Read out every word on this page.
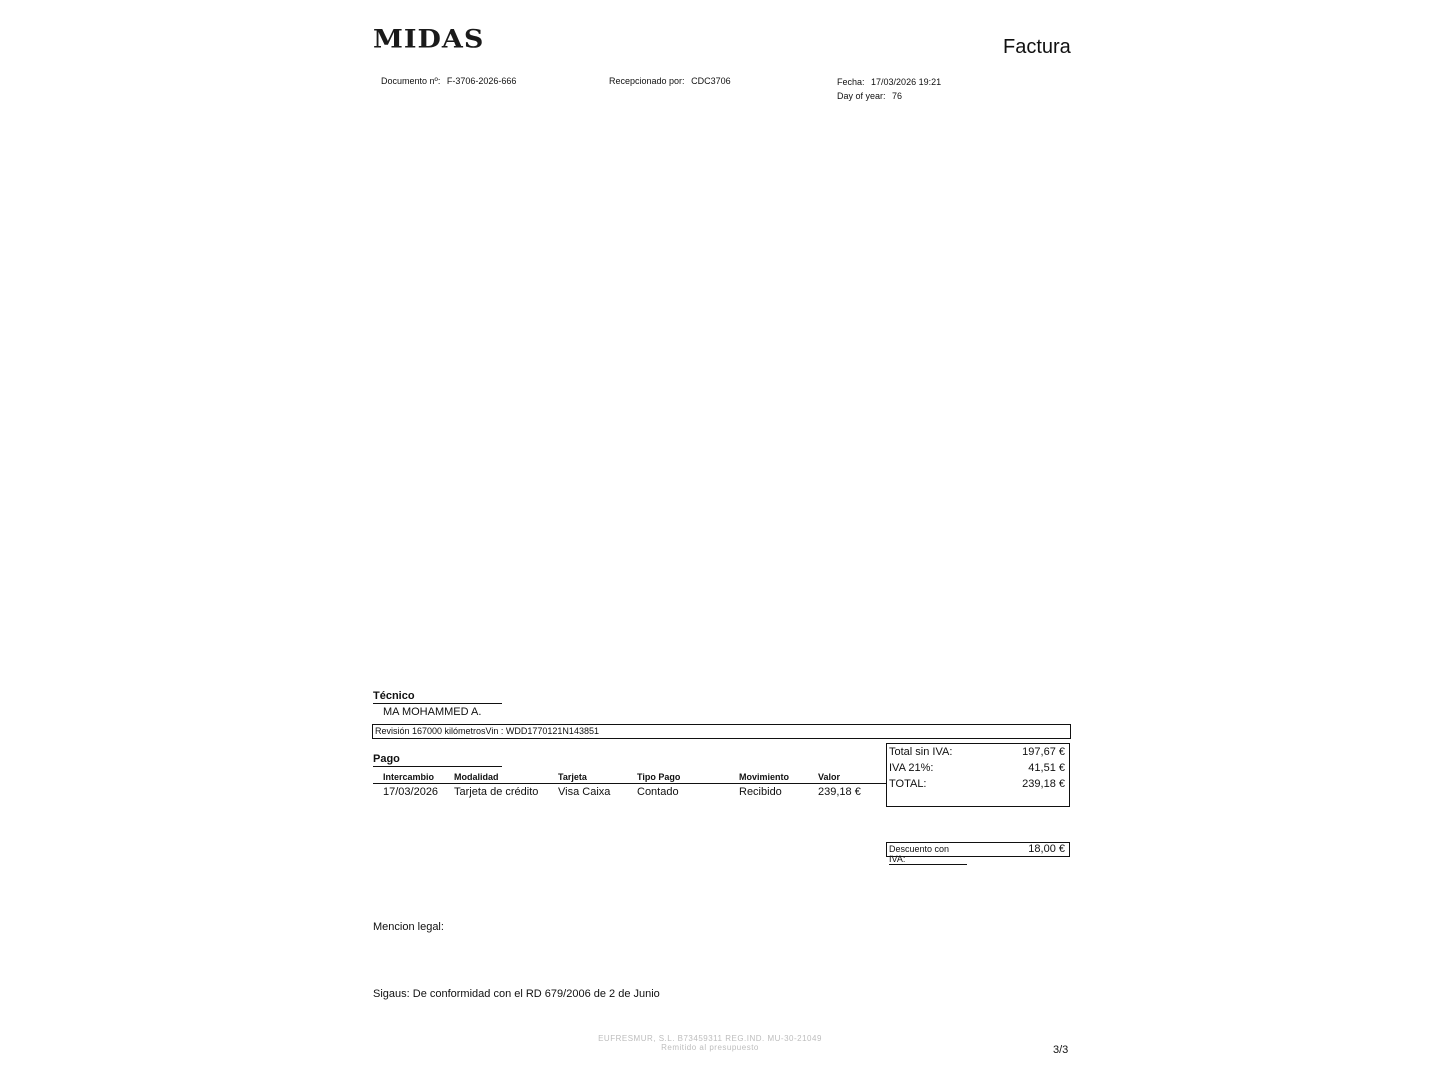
MIDAS	Factura
Documento nº: F-3706-2026-666	Recepcionado por: CDC3706	Fecha: 17/03/2026 19:21
Day of year: 76
Técnico
MA MOHAMMED A.
Revisión 167000 kilómetrosVin : WDD1770121N143851
Pago
Intercambio	Modalidad	Tarjeta	Tipo Pago	Movimiento	Valor
17/03/2026	Tarjeta de crédito	Visa Caixa	Contado	Recibido	239,18 €
Total sin IVA:	197,67 €
IVA 21%:	41,51 €
TOTAL:	239,18 €
Descuento con IVA:
18,00 €
Mencion legal:
Sigaus: De conformidad con el RD 679/2006 de 2 de Junio
EUFRESMUR, S.L. B73459311 REG.IND. MU-30-21049
Remitido al presupuesto	3/3
